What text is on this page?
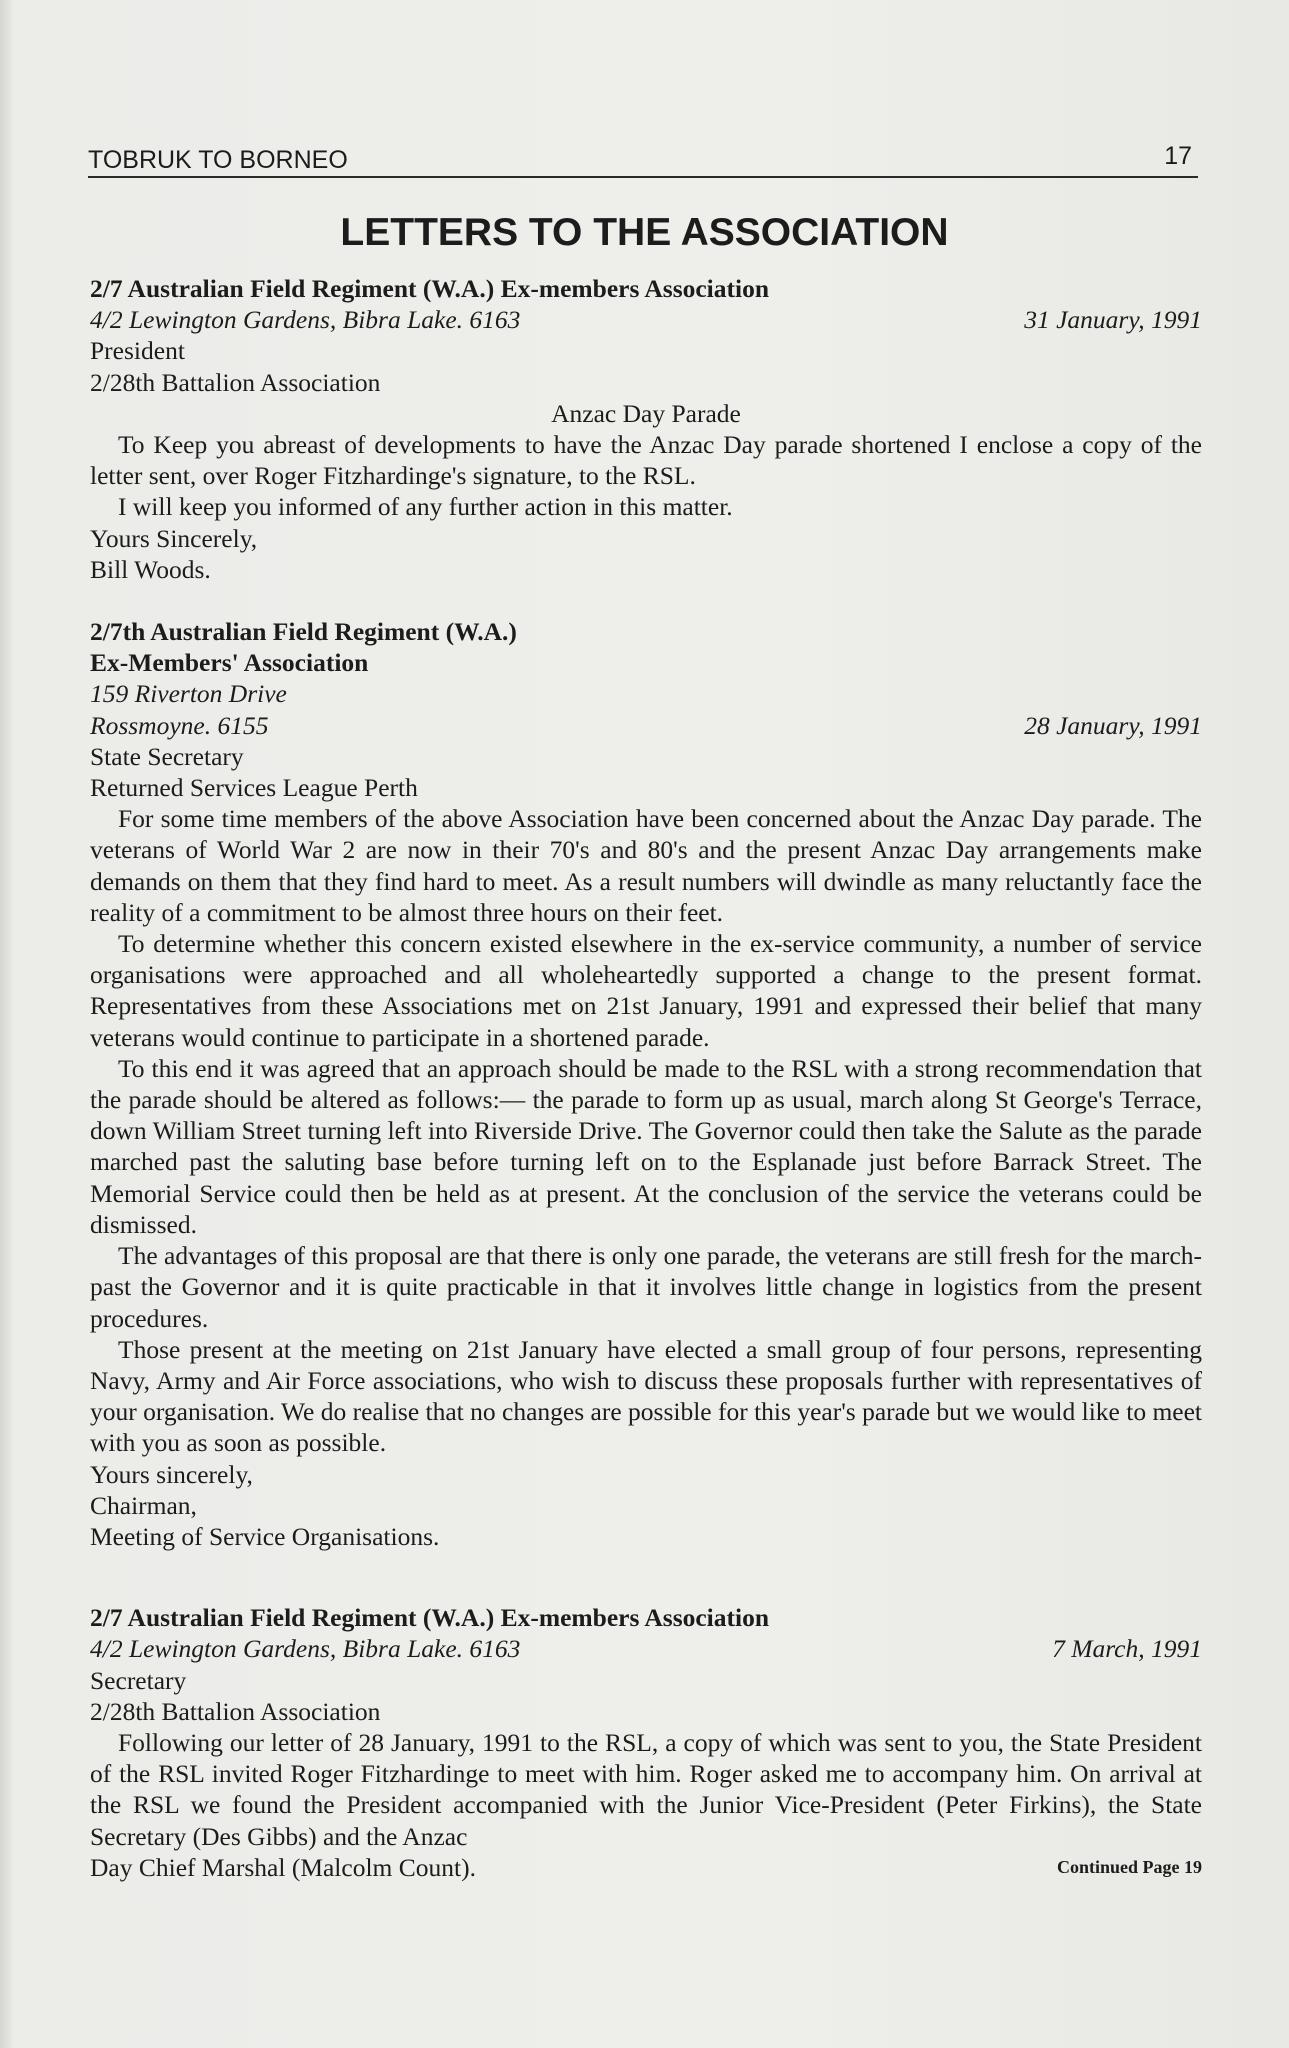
TOBRUK TO BORNEO	17
LETTERS TO THE ASSOCIATION
2/7 Australian Field Regiment (W.A.) Ex-members Association
4/2 Lewington Gardens, Bibra Lake. 6163	31 January, 1991
President
2/28th Battalion Association
Anzac Day Parade
To Keep you abreast of developments to have the Anzac Day parade shortened I enclose a copy of the letter sent, over Roger Fitzhardinge's signature, to the RSL.
I will keep you informed of any further action in this matter.
Yours Sincerely,
Bill Woods.
2/7th Australian Field Regiment (W.A.)
Ex-Members' Association
159 Riverton Drive
Rossmoyne. 6155	28 January, 1991
State Secretary
Returned Services League Perth
For some time members of the above Association have been concerned about the Anzac Day parade. The veterans of World War 2 are now in their 70's and 80's and the present Anzac Day arrangements make demands on them that they find hard to meet. As a result numbers will dwindle as many reluctantly face the reality of a commitment to be almost three hours on their feet.
To determine whether this concern existed elsewhere in the ex-service community, a number of service organisations were approached and all wholeheartedly supported a change to the present format. Representatives from these Associations met on 21st January, 1991 and expressed their belief that many veterans would continue to participate in a shortened parade.
To this end it was agreed that an approach should be made to the RSL with a strong recommendation that the parade should be altered as follows:— the parade to form up as usual, march along St George's Terrace, down William Street turning left into Riverside Drive. The Governor could then take the Salute as the parade marched past the saluting base before turning left on to the Esplanade just before Barrack Street. The Memorial Service could then be held as at present. At the conclusion of the service the veterans could be dismissed.
The advantages of this proposal are that there is only one parade, the veterans are still fresh for the march-past the Governor and it is quite practicable in that it involves little change in logistics from the present procedures.
Those present at the meeting on 21st January have elected a small group of four persons, representing Navy, Army and Air Force associations, who wish to discuss these proposals further with representatives of your organisation. We do realise that no changes are possible for this year's parade but we would like to meet with you as soon as possible.
Yours sincerely,
Chairman,
Meeting of Service Organisations.
2/7 Australian Field Regiment (W.A.) Ex-members Association
4/2 Lewington Gardens, Bibra Lake. 6163	7 March, 1991
Secretary
2/28th Battalion Association
Following our letter of 28 January, 1991 to the RSL, a copy of which was sent to you, the State President of the RSL invited Roger Fitzhardinge to meet with him. Roger asked me to accompany him. On arrival at the RSL we found the President accompanied with the Junior Vice-President (Peter Firkins), the State Secretary (Des Gibbs) and the Anzac
Day Chief Marshal (Malcolm Count).	Continued Page 19
